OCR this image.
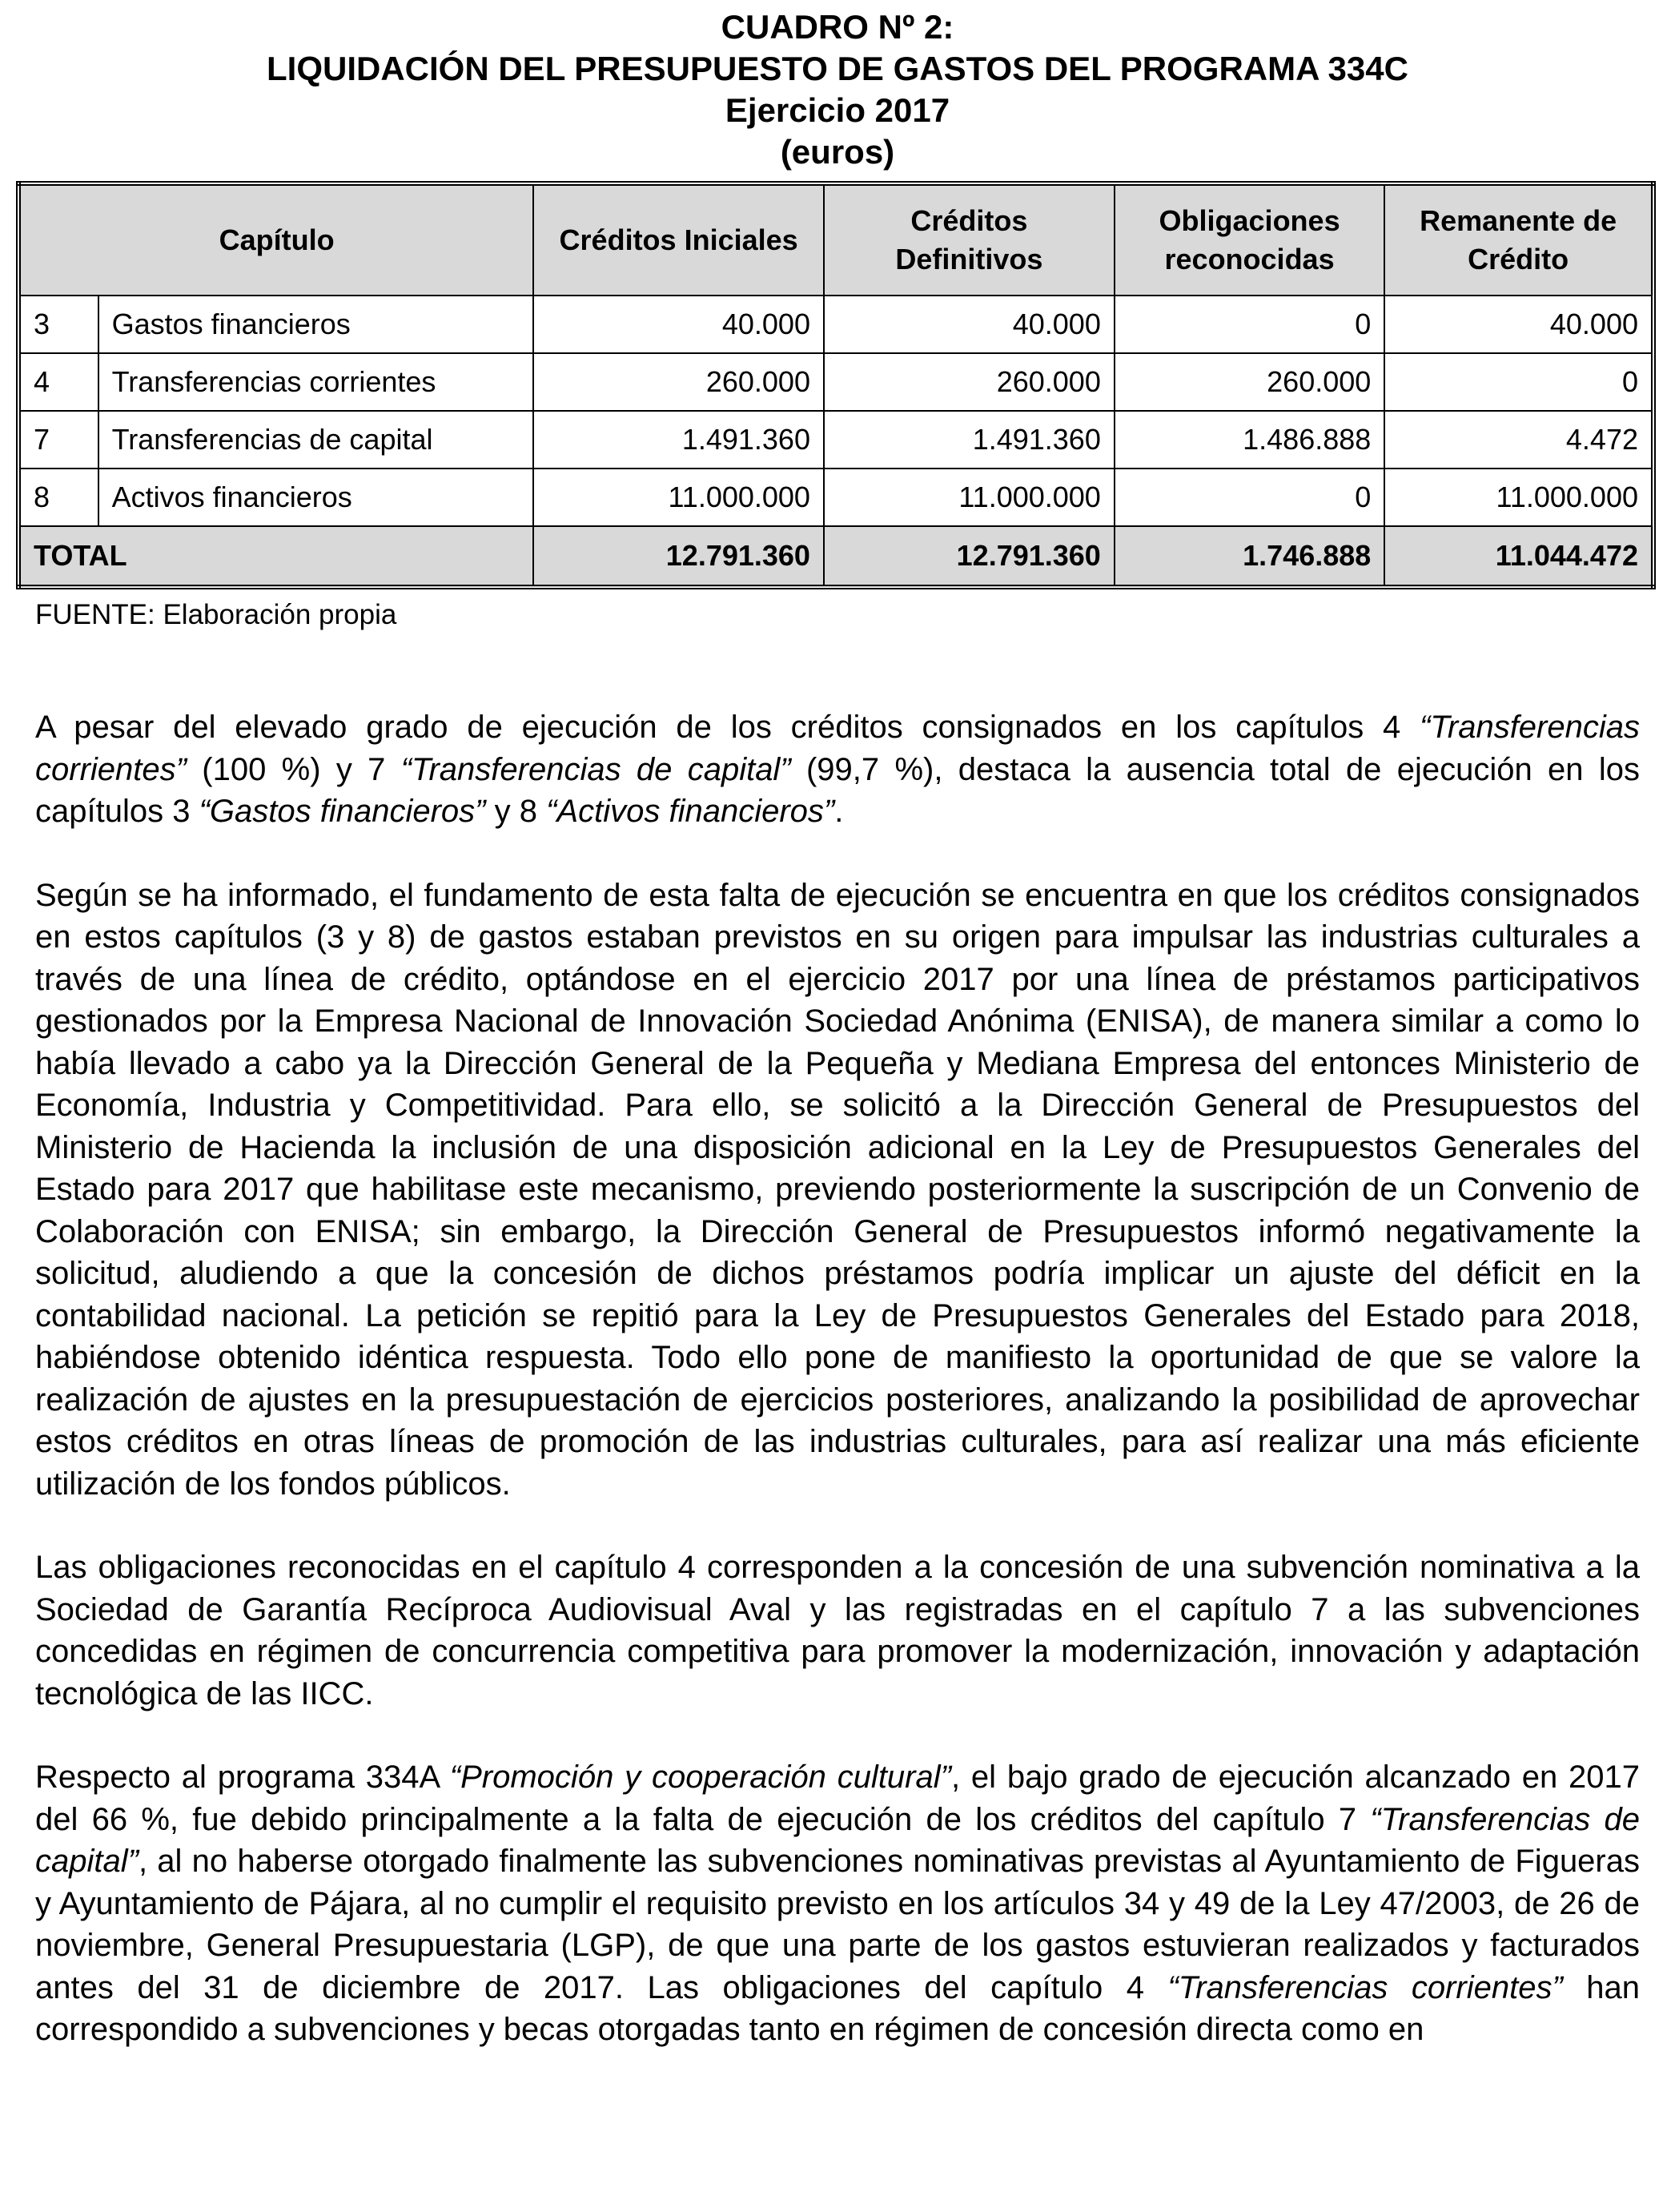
CUADRO Nº 2:
LIQUIDACIÓN DEL PRESUPUESTO DE GASTOS DEL PROGRAMA 334C
Ejercicio 2017
(euros)
Capítulo		Créditos Iniciales	Créditos Definitivos	Obligaciones reconocidas	Remanente de Crédito
3	Gastos financieros	40.000	40.000	0	40.000
4	Transferencias corrientes	260.000	260.000	260.000	0
7	Transferencias de capital	1.491.360	1.491.360	1.486.888	4.472
8	Activos financieros	11.000.000	11.000.000	0	11.000.000
TOTAL		12.791.360	12.791.360	1.746.888	11.044.472
FUENTE: Elaboración propia

A pesar del elevado grado de ejecución de los créditos consignados en los capítulos 4 “Transferencias corrientes” (100 %) y 7 “Transferencias de capital” (99,7 %), destaca la ausencia total de ejecución en los capítulos 3 “Gastos financieros” y 8 “Activos financieros”.

Según se ha informado, el fundamento de esta falta de ejecución se encuentra en que los créditos consignados en estos capítulos (3 y 8) de gastos estaban previstos en su origen para impulsar las industrias culturales a través de una línea de crédito, optándose en el ejercicio 2017 por una línea de préstamos participativos gestionados por la Empresa Nacional de Innovación Sociedad Anónima (ENISA), de manera similar a como lo había llevado a cabo ya la Dirección General de la Pequeña y Mediana Empresa del entonces Ministerio de Economía, Industria y Competitividad. Para ello, se solicitó a la Dirección General de Presupuestos del Ministerio de Hacienda la inclusión de una disposición adicional en la Ley de Presupuestos Generales del Estado para 2017 que habilitase este mecanismo, previendo posteriormente la suscripción de un Convenio de Colaboración con ENISA; sin embargo, la Dirección General de Presupuestos informó negativamente la solicitud, aludiendo a que la concesión de dichos préstamos podría implicar un ajuste del déficit en la contabilidad nacional. La petición se repitió para la Ley de Presupuestos Generales del Estado para 2018, habiéndose obtenido idéntica respuesta. Todo ello pone de manifiesto la oportunidad de que se valore la realización de ajustes en la presupuestación de ejercicios posteriores, analizando la posibilidad de aprovechar estos créditos en otras líneas de promoción de las industrias culturales, para así realizar una más eficiente utilización de los fondos públicos.

Las obligaciones reconocidas en el capítulo 4 corresponden a la concesión de una subvención nominativa a la Sociedad de Garantía Recíproca Audiovisual Aval y las registradas en el capítulo 7 a las subvenciones concedidas en régimen de concurrencia competitiva para promover la modernización, innovación y adaptación tecnológica de las IICC.

Respecto al programa 334A “Promoción y cooperación cultural”, el bajo grado de ejecución alcanzado en 2017 del 66 %, fue debido principalmente a la falta de ejecución de los créditos del capítulo 7 “Transferencias de capital”, al no haberse otorgado finalmente las subvenciones nominativas previstas al Ayuntamiento de Figueras y Ayuntamiento de Pájara, al no cumplir el requisito previsto en los artículos 34 y 49 de la Ley 47/2003, de 26 de noviembre, General Presupuestaria (LGP), de que una parte de los gastos estuvieran realizados y facturados antes del 31 de diciembre de 2017. Las obligaciones del capítulo 4 “Transferencias corrientes” han correspondido a subvenciones y becas otorgadas tanto en régimen de concesión directa como en
